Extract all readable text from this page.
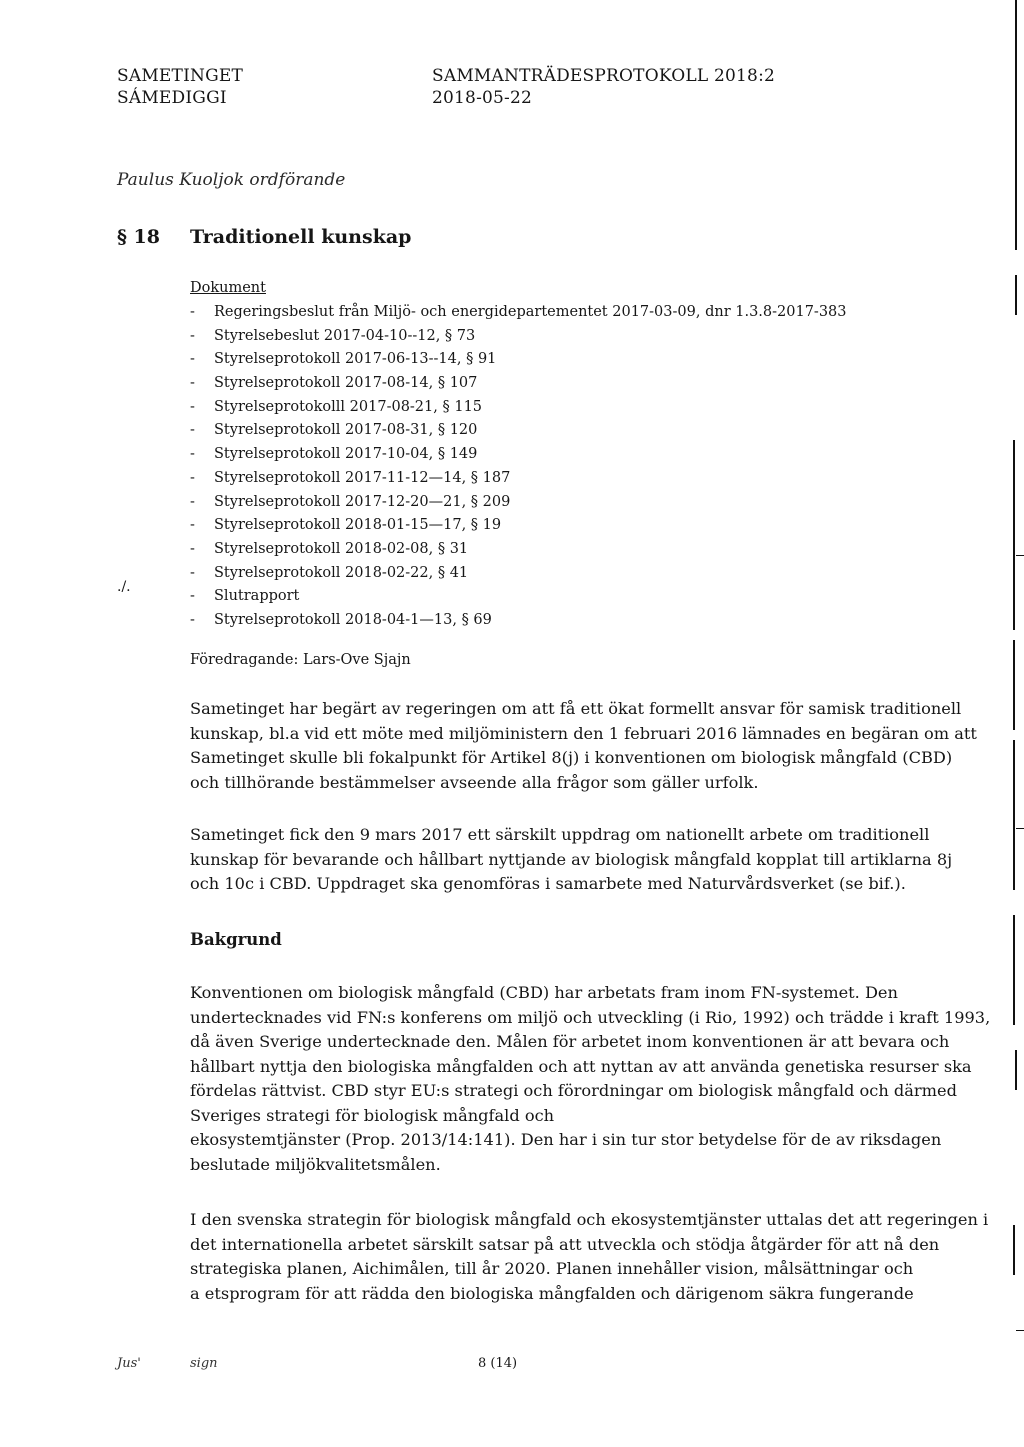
SAMETINGET
SÁMEDIGGI
SAMMANTRÄDESPROTOKOLL 2018:2
2018-05-22
Paulus Kuoljok ordförande
§ 18 Traditionell kunskap
Dokument
- Regeringsbeslut från Miljö- och energidepartementet 2017-03-09, dnr 1.3.8-2017-383
- Styrelsebeslut 2017-04-10--12, § 73
- Styrelseprotokoll 2017-06-13--14, § 91
- Styrelseprotokoll 2017-08-14, § 107
- Styrelseprotokolll 2017-08-21, § 115
- Styrelseprotokoll 2017-08-31, § 120
- Styrelseprotokoll 2017-10-04, § 149
- Styrelseprotokoll 2017-11-12—14, § 187
- Styrelseprotokoll 2017-12-20—21, § 209
- Styrelseprotokoll 2018-01-15—17, § 19
- Styrelseprotokoll 2018-02-08, § 31
- Styrelseprotokoll 2018-02-22, § 41
- Slutrapport
- Styrelseprotokoll 2018-04-1—13, § 69
./.
Föredragande: Lars-Ove Sjajn
Sametinget har begärt av regeringen om att få ett ökat formellt ansvar för samisk traditionell
kunskap, bl.a vid ett möte med miljöministern den 1 februari 2016 lämnades en begäran om att
Sametinget skulle bli fokalpunkt för Artikel 8(j) i konventionen om biologisk mångfald (CBD)
och tillhörande bestämmelser avseende alla frågor som gäller urfolk.
Sametinget fick den 9 mars 2017 ett särskilt uppdrag om nationellt arbete om traditionell
kunskap för bevarande och hållbart nyttjande av biologisk mångfald kopplat till artiklarna 8j
och 10c i CBD. Uppdraget ska genomföras i samarbete med Naturvårdsverket (se bif.).
Bakgrund
Konventionen om biologisk mångfald (CBD) har arbetats fram inom FN-systemet. Den
undertecknades vid FN:s konferens om miljö och utveckling (i Rio, 1992) och trädde i kraft 1993,
då även Sverige undertecknade den. Målen för arbetet inom konventionen är att bevara och
hållbart nyttja den biologiska mångfalden och att nyttan av att använda genetiska resurser ska
fördelas rättvist. CBD styr EU:s strategi och förordningar om biologisk mångfald och därmed
Sveriges strategi för biologisk mångfald och
ekosystemtjänster (Prop. 2013/14:141). Den har i sin tur stor betydelse för de av riksdagen
beslutade miljökvalitetsmålen.
I den svenska strategin för biologisk mångfald och ekosystemtjänster uttalas det att regeringen i
det internationella arbetet särskilt satsar på att utveckla och stödja åtgärder för att nå den
strategiska planen, Aichimålen, till år 2020. Planen innehåller vision, målsättningar och
a etsprogram för att rädda den biologiska mångfalden och därigenom säkra fungerande
Jus'	sign	8 (14)
